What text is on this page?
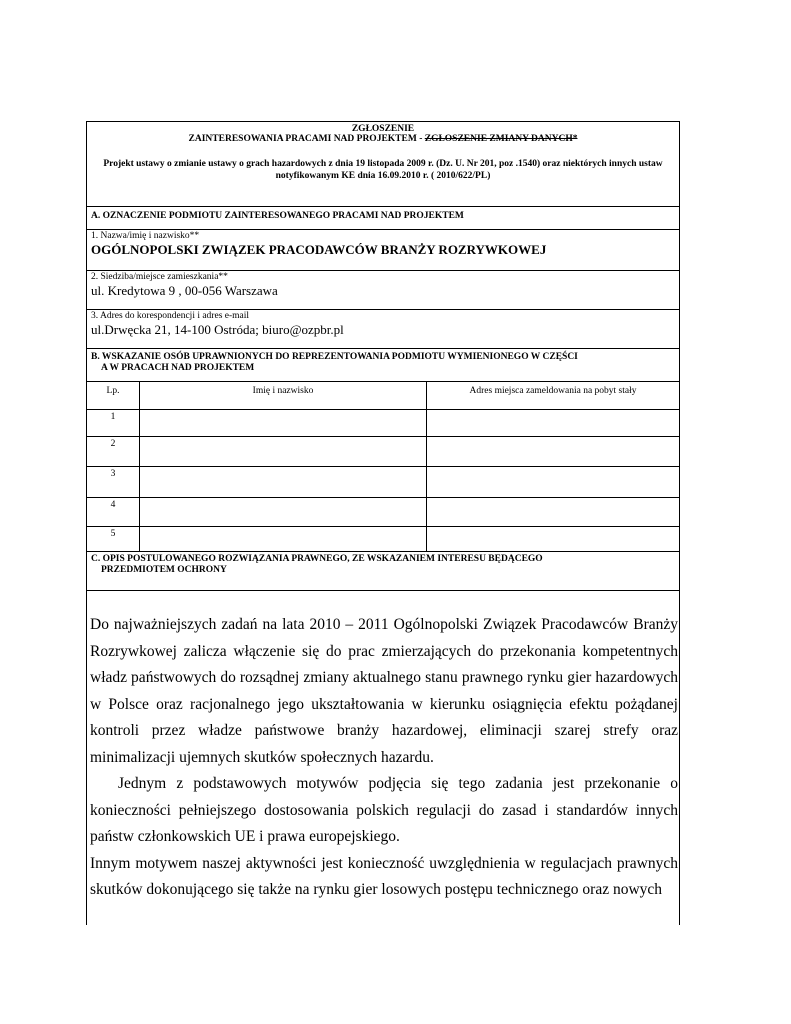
ZGŁOSZENIE
ZAINTERESOWANIA PRACAMI NAD PROJEKTEM - ZGŁOSZENIE ZMIANY DANYCH*
Projekt ustawy o zmianie ustawy o grach hazardowych z dnia 19 listopada 2009 r. (Dz. U. Nr 201, poz .1540) oraz niektórych innych ustaw notyfikowanym KE dnia 16.09.2010 r. ( 2010/622/PL)
A. OZNACZENIE PODMIOTU ZAINTERESOWANEGO PRACAMI NAD PROJEKTEM
1. Nazwa/imię i nazwisko**
OGÓLNOPOLSKI ZWIĄZEK PRACODAWCÓW BRANŻY ROZRYWKOWEJ
2. Siedziba/miejsce zamieszkania**
ul. Kredytowa 9 , 00-056 Warszawa
3. Adres do korespondencji i adres e-mail
ul.Drwęcka 21, 14-100 Ostróda; biuro@ozpbr.pl
B. WSKAZANIE OSÓB UPRAWNIONYCH DO REPREZENTOWANIA PODMIOTU WYMIENIONEGO W CZĘŚCI
A W PRACACH NAD PROJEKTEM
Lp.	Imię i nazwisko	Adres miejsca zameldowania na pobyt stały
1		
2		
3		
4		
5		
C. OPIS POSTULOWANEGO ROZWIĄZANIA PRAWNEGO, ZE WSKAZANIEM INTERESU BĘDĄCEGO
PRZEDMIOTEM OCHRONY

Do najważniejszych zadań na lata 2010 – 2011 Ogólnopolski Związek Pracodawców Branży Rozrywkowej zalicza włączenie się do prac zmierzających do przekonania kompetentnych władz państwowych do rozsądnej zmiany aktualnego stanu prawnego rynku gier hazardowych w Polsce oraz racjonalnego jego ukształtowania w kierunku osiągnięcia efektu pożądanej kontroli przez władze państwowe branży hazardowej, eliminacji szarej strefy oraz minimalizacji ujemnych skutków społecznych hazardu.

Jednym z podstawowych motywów podjęcia się tego zadania jest przekonanie o konieczności pełniejszego dostosowania polskich regulacji do zasad i standardów innych państw członkowskich UE i prawa europejskiego.

Innym motywem naszej aktywności jest konieczność uwzględnienia w regulacjach prawnych skutków dokonującego się także na rynku gier losowych postępu technicznego oraz nowych
